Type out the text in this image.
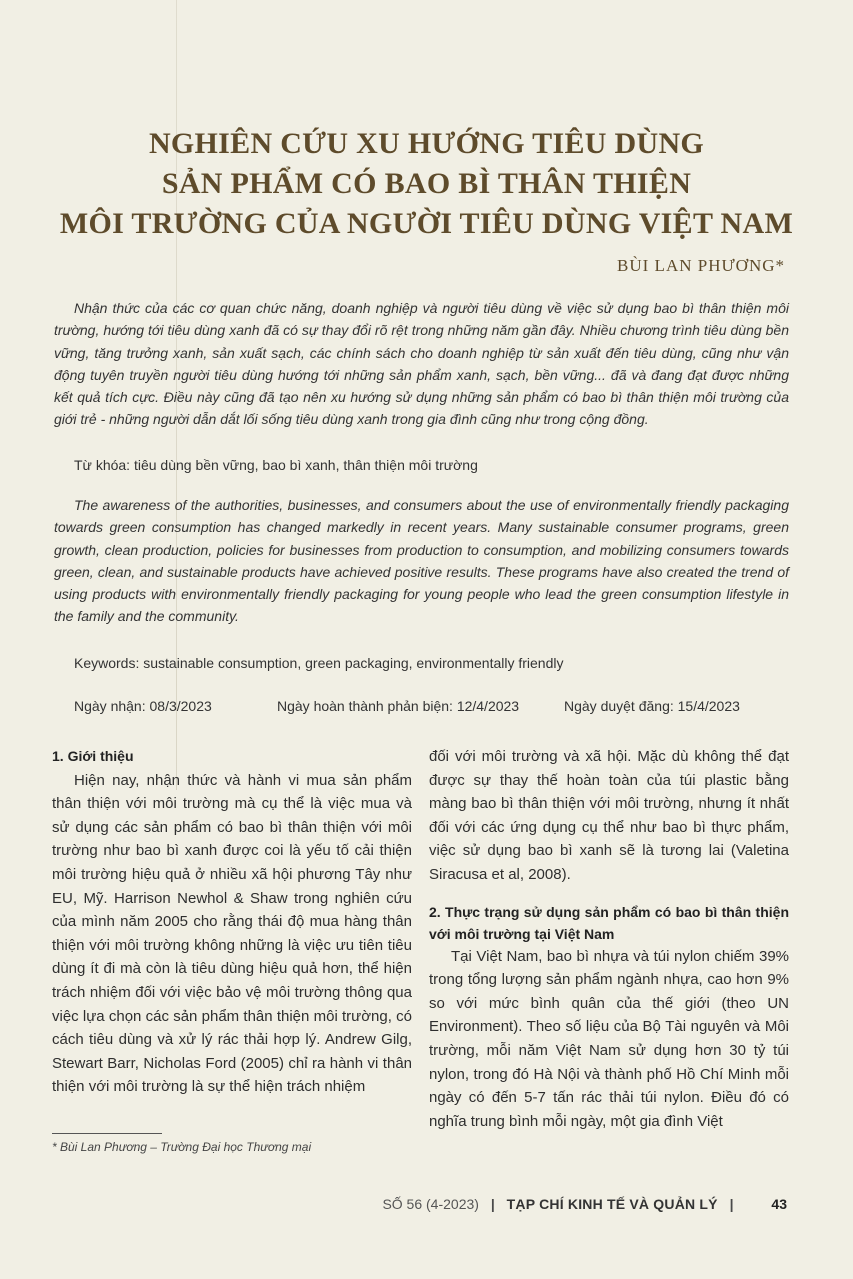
NGHIÊN CỨU XU HƯỚNG TIÊU DÙNG
SẢN PHẨM CÓ BAO BÌ THÂN THIỆN
MÔI TRƯỜNG CỦA NGƯỜI TIÊU DÙNG VIỆT NAM
BÙI LAN PHƯƠNG*

Nhận thức của các cơ quan chức năng, doanh nghiệp và người tiêu dùng về việc sử dụng bao bì thân thiện môi trường, hướng tới tiêu dùng xanh đã có sự thay đổi rõ rệt trong những năm gần đây. Nhiều chương trình tiêu dùng bền vững, tăng trưởng xanh, sản xuất sạch, các chính sách cho doanh nghiệp từ sản xuất đến tiêu dùng, cũng như vận động tuyên truyền người tiêu dùng hướng tới những sản phẩm xanh, sạch, bền vững... đã và đang đạt được những kết quả tích cực. Điều này cũng đã tạo nên xu hướng sử dụng những sản phẩm có bao bì thân thiện môi trường của giới trẻ - những người dẫn dắt lối sống tiêu dùng xanh trong gia đình cũng như trong cộng đồng.

Từ khóa: tiêu dùng bền vững, bao bì xanh, thân thiện môi trường

The awareness of the authorities, businesses, and consumers about the use of environmentally friendly packaging towards green consumption has changed markedly in recent years. Many sustainable consumer programs, green growth, clean production, policies for businesses from production to consumption, and mobilizing consumers towards green, clean, and sustainable products have achieved positive results. These programs have also created the trend of using products with environmentally friendly packaging for young people who lead the green consumption lifestyle in the family and the community.

Keywords: sustainable consumption, green packaging, environmentally friendly
Ngày nhận: 08/3/2023	Ngày hoàn thành phản biện: 12/4/2023	Ngày duyệt đăng: 15/4/2023
1. Giới thiệu

Hiện nay, nhận thức và hành vi mua sản phẩm thân thiện với môi trường mà cụ thể là việc mua và sử dụng các sản phẩm có bao bì thân thiện với môi trường như bao bì xanh được coi là yếu tố cải thiện môi trường hiệu quả ở nhiều xã hội phương Tây như EU, Mỹ. Harrison Newhol & Shaw trong nghiên cứu của mình năm 2005 cho rằng thái độ mua hàng thân thiện với môi trường không những là việc ưu tiên tiêu dùng ít đi mà còn là tiêu dùng hiệu quả hơn, thể hiện trách nhiệm đối với việc bảo vệ môi trường thông qua việc lựa chọn các sản phẩm thân thiện môi trường, có cách tiêu dùng và xử lý rác thải hợp lý. Andrew Gilg, Stewart Barr, Nicholas Ford (2005) chỉ ra hành vi thân thiện với môi trường là sự thể hiện trách nhiệm

đối với môi trường và xã hội. Mặc dù không thể đạt được sự thay thế hoàn toàn của túi plastic bằng màng bao bì thân thiện với môi trường, nhưng ít nhất đối với các ứng dụng cụ thể như bao bì thực phẩm, việc sử dụng bao bì xanh sẽ là tương lai (Valetina Siracusa et al, 2008).

2. Thực trạng sử dụng sản phẩm có bao bì thân thiện với môi trường tại Việt Nam

Tại Việt Nam, bao bì nhựa và túi nylon chiếm 39% trong tổng lượng sản phẩm ngành nhựa, cao hơn 9% so với mức bình quân của thế giới (theo UN Environment). Theo số liệu của Bộ Tài nguyên và Môi trường, mỗi năm Việt Nam sử dụng hơn 30 tỷ túi nylon, trong đó Hà Nội và thành phố Hồ Chí Minh mỗi ngày có đến 5-7 tấn rác thải túi nylon. Điều đó có nghĩa trung bình mỗi ngày, một gia đình Việt

* Bùi Lan Phương – Trường Đại học Thương mại
SỐ 56 (4-2023) | TẠP CHÍ KINH TẾ VÀ QUẢN LÝ |	43
